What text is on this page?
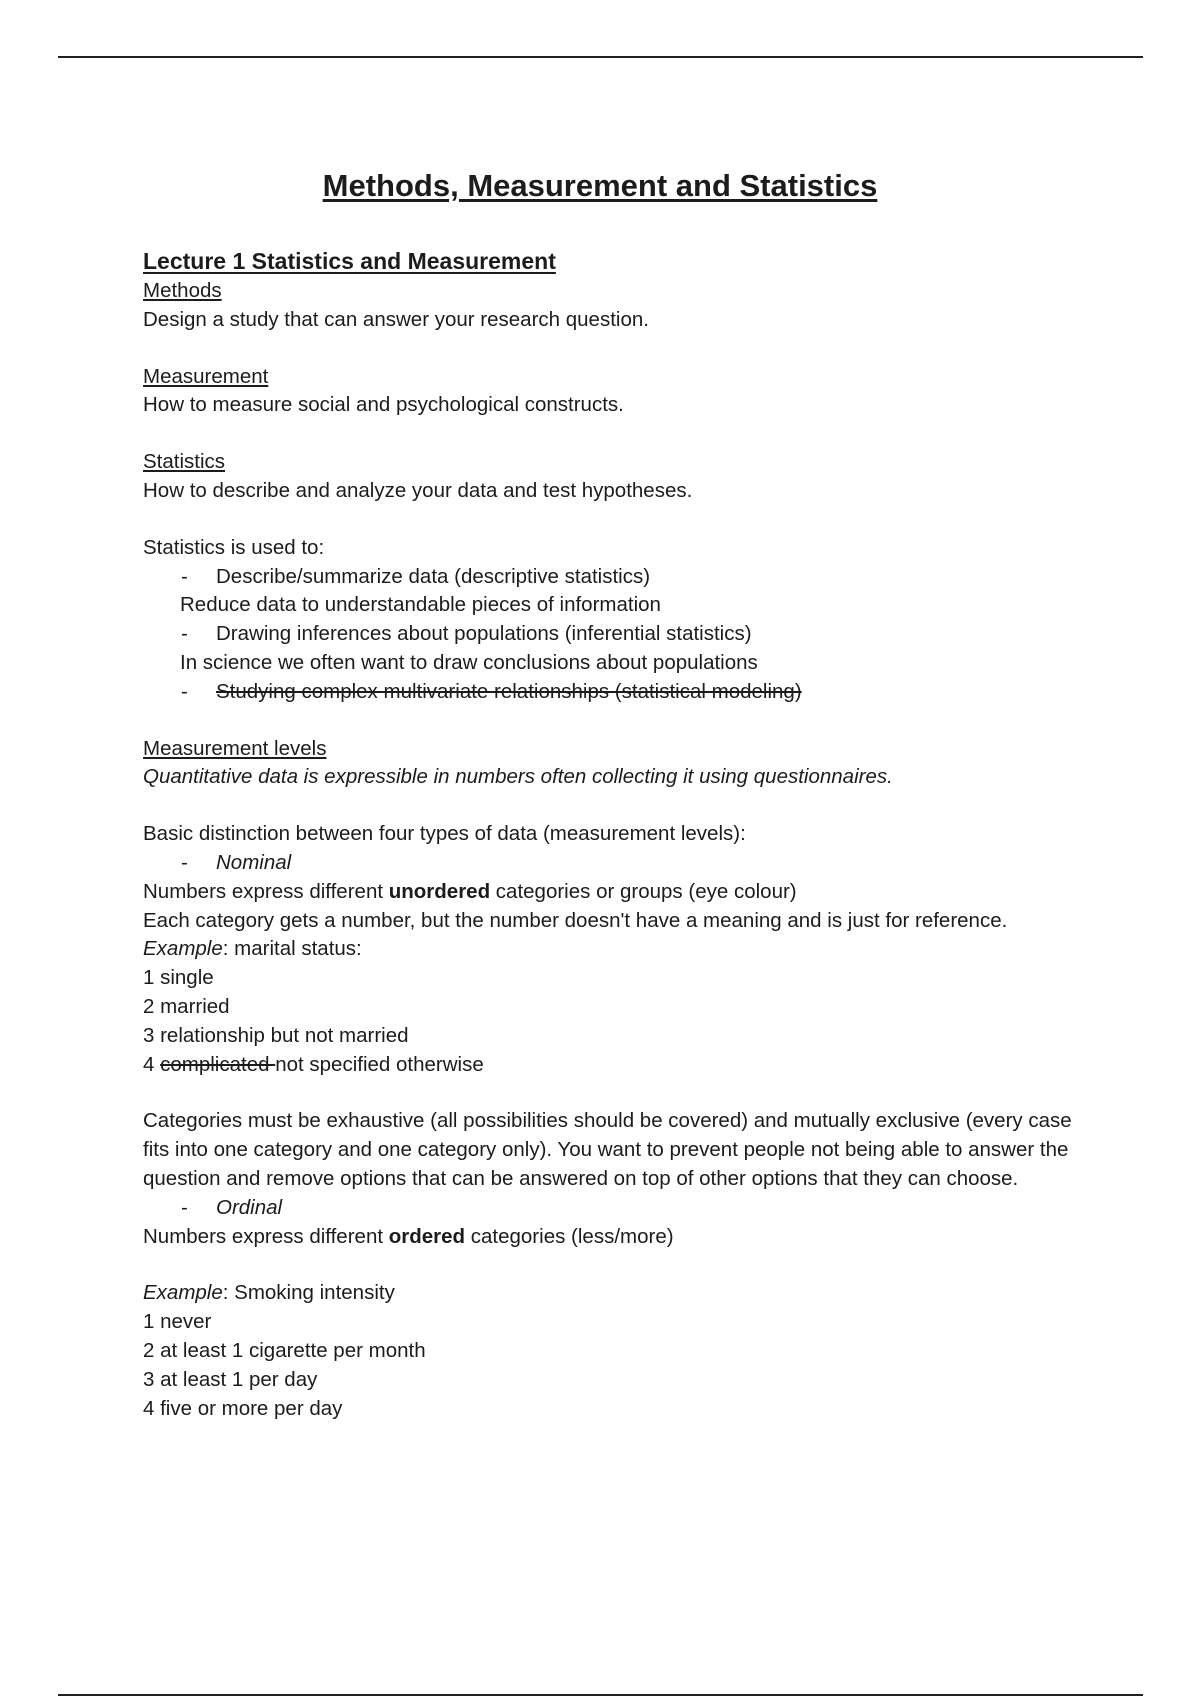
Methods, Measurement and Statistics

Lecture 1 Statistics and Measurement

Methods

Design a study that can answer your research question.

Measurement

How to measure social and psychological constructs.

Statistics

How to describe and analyze your data and test hypotheses.

Statistics is used to:

- Describe/summarize data (descriptive statistics)

Reduce data to understandable pieces of information

- Drawing inferences about populations (inferential statistics)

In science we often want to draw conclusions about populations

- Studying complex multivariate relationships (statistical modeling)

Measurement levels

Quantitative data is expressible in numbers often collecting it using questionnaires.

Basic distinction between four types of data (measurement levels):

- Nominal

Numbers express different unordered categories or groups (eye colour)

Each category gets a number, but the number doesn't have a meaning and is just for reference.

Example: marital status:

1 single

2 married

3 relationship but not married

4 complicated not specified otherwise

Categories must be exhaustive (all possibilities should be covered) and mutually exclusive (every case fits into one category and one category only). You want to prevent people not being able to answer the question and remove options that can be answered on top of other options that they can choose.

- Ordinal

Numbers express different ordered categories (less/more)

Example: Smoking intensity

1 never

2 at least 1 cigarette per month

3 at least 1 per day

4 five or more per day
